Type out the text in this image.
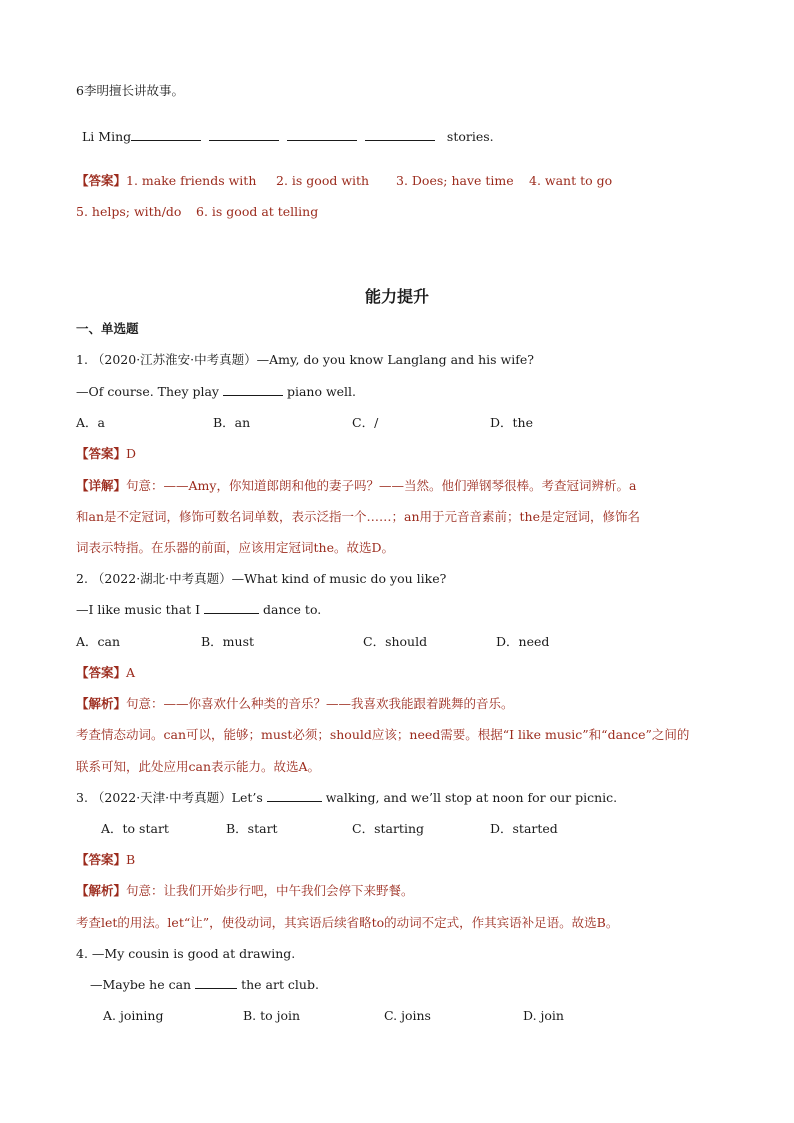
6李明擅长讲故事。
Li Ming	stories.
【答案】1. make friends with 2. is good with 3. Does; have time 4. want to go
5. helps; with/do 6. is good at telling
能力提升
一、单选题
1. （2020·江苏淮安·中考真题）—Amy, do you know Langlang and his wife?
—Of course. They play	piano well.
A．a	B．an	C．/	D．the
【答案】D
【详解】句意：——Amy，你知道郎朗和他的妻子吗？——当然。他们弹钢琴很棒。考查冠词辨析。a
和an是不定冠词，修饰可数名词单数，表示泛指一个……；an用于元音音素前；the是定冠词，修饰名
词表示特指。在乐器的前面，应该用定冠词the。故选D。
2. （2022·湖北·中考真题）—What kind of music do you like?
—I like music that I	dance to.
A．can	B．must	C．should	D．need
【答案】A
【解析】句意：——你喜欢什么种类的音乐？——我喜欢我能跟着跳舞的音乐。
考查情态动词。can可以，能够；must必须；should应该；need需要。根据“I like music”和“dance”之间的
联系可知，此处应用can表示能力。故选A。
3. （2022·天津·中考真题）Let’s	walking, and we’ll stop at noon for our picnic.
A．to start	B．start	C．starting	D．started
【答案】B
【解析】句意：让我们开始步行吧，中午我们会停下来野餐。
考查let的用法。let“让”，使役动词，其宾语后续省略to的动词不定式，作其宾语补足语。故选B。
4. —My cousin is good at drawing.
—Maybe he can	the art club.
A. joining	B. to join	C. joins	D. join
